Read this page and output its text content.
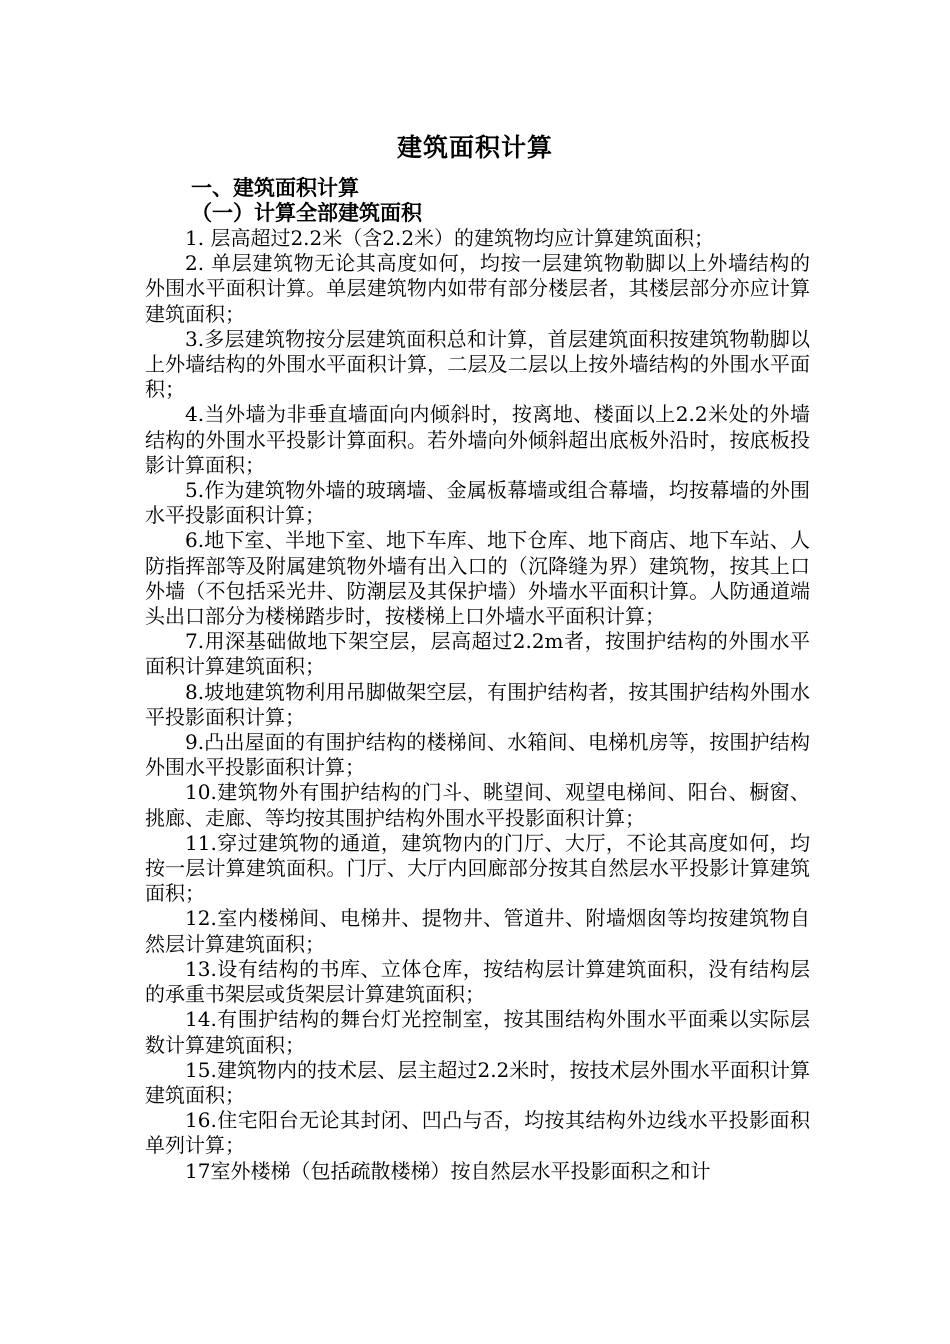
建筑面积计算
一、建筑面积计算
（一）计算全部建筑面积

1. 层高超过2.2米（含2.2米）的建筑物均应计算建筑面积；

2. 单层建筑物无论其高度如何，均按一层建筑物勒脚以上外墙结构的外围水平面积计算。单层建筑物内如带有部分楼层者，其楼层部分亦应计算建筑面积；

3.多层建筑物按分层建筑面积总和计算，首层建筑面积按建筑物勒脚以上外墙结构的外围水平面积计算，二层及二层以上按外墙结构的外围水平面积；

4.当外墙为非垂直墙面向内倾斜时，按离地、楼面以上2.2米处的外墙结构的外围水平投影计算面积。若外墙向外倾斜超出底板外沿时，按底板投影计算面积；

5.作为建筑物外墙的玻璃墙、金属板幕墙或组合幕墙，均按幕墙的外围水平投影面积计算；

6.地下室、半地下室、地下车库、地下仓库、地下商店、地下车站、人防指挥部等及附属建筑物外墙有出入口的（沉降缝为界）建筑物，按其上口外墙（不包括采光井、防潮层及其保护墙）外墙水平面积计算。人防通道端头出口部分为楼梯踏步时，按楼梯上口外墙水平面积计算；

7.用深基础做地下架空层，层高超过2.2m者，按围护结构的外围水平面积计算建筑面积；

8.坡地建筑物利用吊脚做架空层，有围护结构者，按其围护结构外围水平投影面积计算；

9.凸出屋面的有围护结构的楼梯间、水箱间、电梯机房等，按围护结构外围水平投影面积计算；

10.建筑物外有围护结构的门斗、眺望间、观望电梯间、阳台、橱窗、挑廊、走廊、等均按其围护结构外围水平投影面积计算；

11.穿过建筑物的通道，建筑物内的门厅、大厅，不论其高度如何，均按一层计算建筑面积。门厅、大厅内回廊部分按其自然层水平投影计算建筑面积；

12.室内楼梯间、电梯井、提物井、管道井、附墙烟囱等均按建筑物自然层计算建筑面积；

13.设有结构的书库、立体仓库，按结构层计算建筑面积，没有结构层的承重书架层或货架层计算建筑面积；

14.有围护结构的舞台灯光控制室，按其围结构外围水平面乘以实际层数计算建筑面积；

15.建筑物内的技术层、层主超过2.2米时，按技术层外围水平面积计算建筑面积；

16.住宅阳台无论其封闭、凹凸与否，均按其结构外边线水平投影面积单列计算；

17室外楼梯（包括疏散楼梯）按自然层水平投影面积之和计
